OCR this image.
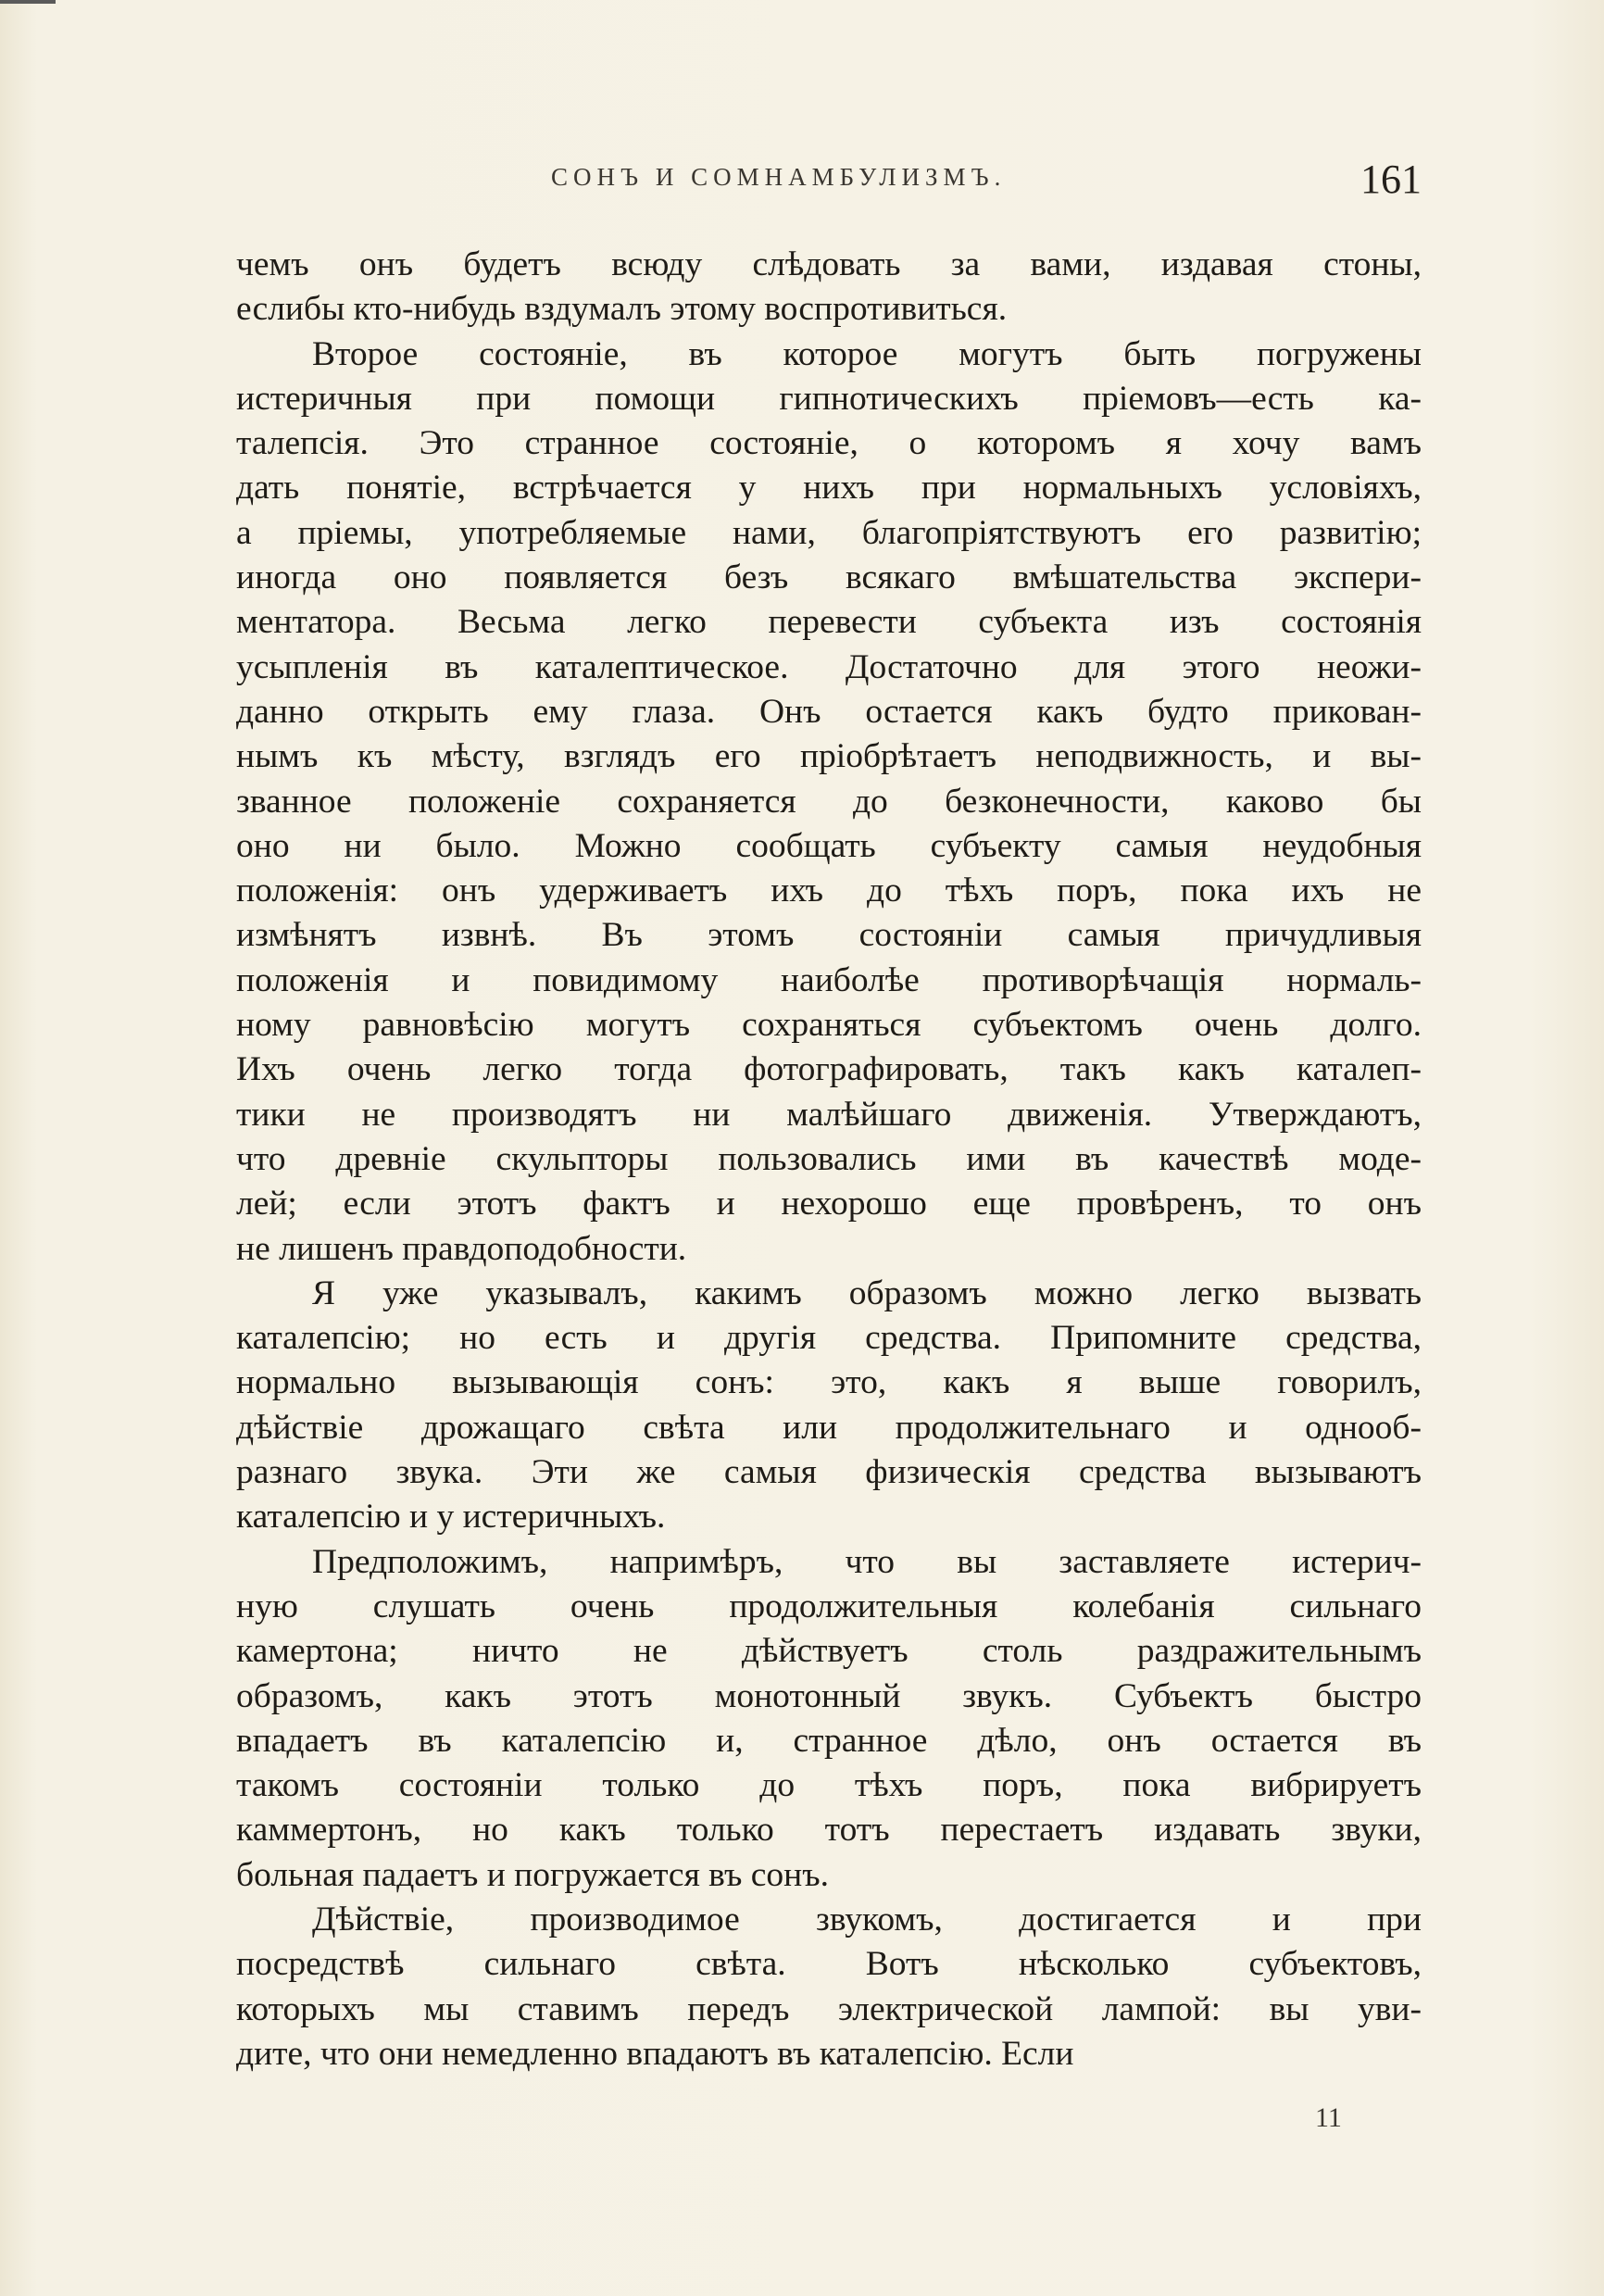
СОНЪ И СОМНАМБУЛИЗМЪ.	161
чемъ онъ будетъ всюду слѣдовать за вами, издавая стоны,
еслибы кто-нибудь вздумалъ этому воспротивиться.
Второе состоянiе, въ которое могутъ быть погружены
истеричныя при помощи гипнотическихъ прiемовъ—есть ка-
талепсiя. Это странное состоянiе, о которомъ я хочу вамъ
дать понятiе, встрѣчается у нихъ при нормальныхъ условiяхъ,
а прiемы, употребляемые нами, благопрiятствуютъ его развитiю;
иногда оно появляется безъ всякаго вмѣшательства экспери-
ментатора. Весьма легко перевести субъекта изъ состоянiя
усыпленiя въ каталептическое. Достаточно для этого неожи-
данно открыть ему глаза. Онъ остается какъ будто прикован-
нымъ къ мѣсту, взглядъ его прiобрѣтаетъ неподвижность, и вы-
званное положенiе сохраняется до безконечности, каково бы
оно ни было. Можно сообщать субъекту самыя неудобныя
положенiя: онъ удерживаетъ ихъ до тѣхъ поръ, пока ихъ не
измѣнятъ извнѣ. Въ этомъ состоянiи самыя причудливыя
положенiя и повидимому наиболѣе противорѣчащiя нормаль-
ному равновѣсiю могутъ сохраняться субъектомъ очень долго.
Ихъ очень легко тогда фотографировать, такъ какъ каталеп-
тики не производятъ ни малѣйшаго движенiя. Утверждаютъ,
что древнiе скульпторы пользовались ими въ качествѣ моде-
лей; если этотъ фактъ и нехорошо еще провѣренъ, то онъ
не лишенъ правдоподобности.
Я уже указывалъ, какимъ образомъ можно легко вызвать
каталепсiю; но есть и другiя средства. Припомните средства,
нормально вызывающiя сонъ: это, какъ я выше говорилъ,
дѣйствiе дрожащаго свѣта или продолжительнаго и однооб-
разнаго звука. Эти же самыя физическiя средства вызываютъ
каталепсiю и у истеричныхъ.
Предположимъ, напримѣръ, что вы заставляете истерич-
ную слушать очень продолжительныя колебанiя сильнаго
камертона; ничто не дѣйствуетъ столь раздражительнымъ
образомъ, какъ этотъ монотонный звукъ. Субъектъ быстро
впадаетъ въ каталепсiю и, странное дѣло, онъ остается въ
такомъ состоянiи только до тѣхъ поръ, пока вибрируетъ
каммертонъ, но какъ только тотъ перестаетъ издавать звуки,
больная падаетъ и погружается въ сонъ.
Дѣйствiе, производимое звукомъ, достигается и при
посредствѣ сильнаго свѣта. Вотъ нѣсколько субъектовъ,
которыхъ мы ставимъ передъ электрической лампой: вы уви-
дите, что они немедленно впадаютъ въ каталепсiю. Если
11
